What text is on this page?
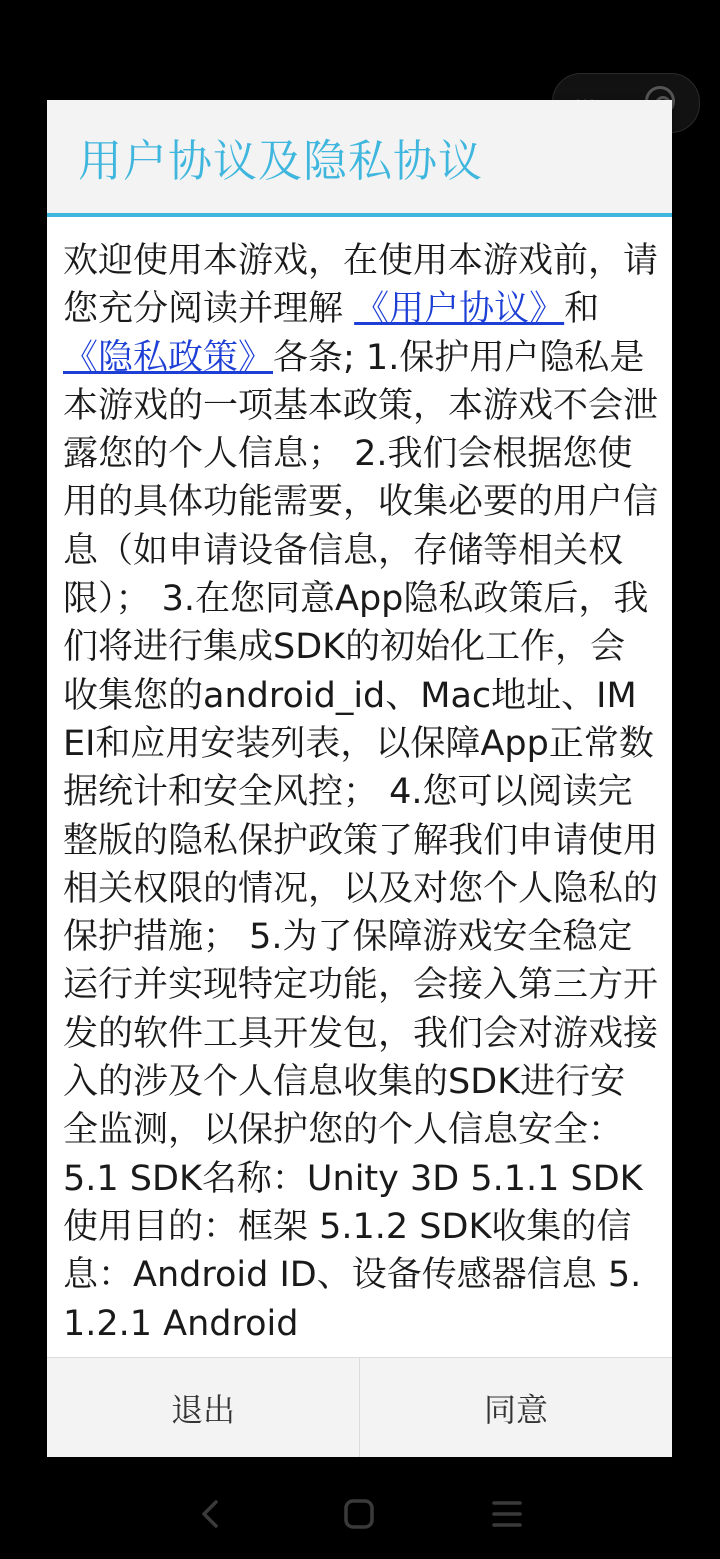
用户协议及隐私协议

欢迎使用本游戏，在使用本游戏前，请您充分阅读并理解 《用户协议》和
《隐私政策》各条; 1.保护用户隐私是本游戏的一项基本政策，本游戏不会泄露您的个人信息； 2.我们会根据您使用的具体功能需要，收集必要的用户信息（如申请设备信息，存储等相关权限）； 3.在您同意App隐私政策后，我们将进行集成SDK的初始化工作，会收集您的android_id、Mac地址、IMEI和应用安装列表，以保障App正常数据统计和安全风控； 4.您可以阅读完整版的隐私保护政策了解我们申请使用相关权限的情况，以及对您个人隐私的保护措施； 5.为了保障游戏安全稳定运行并实现特定功能，会接入第三方开发的软件工具开发包，我们会对游戏接入的涉及个人信息收集的SDK进行安全监测，以保护您的个人信息安全： 5.1 SDK名称：Unity 3D 5.1.1 SDK使用目的：框架 5.1.2 SDK收集的信息：Android ID、设备传感器信息 5.1.2.1 Android

退出	同意
